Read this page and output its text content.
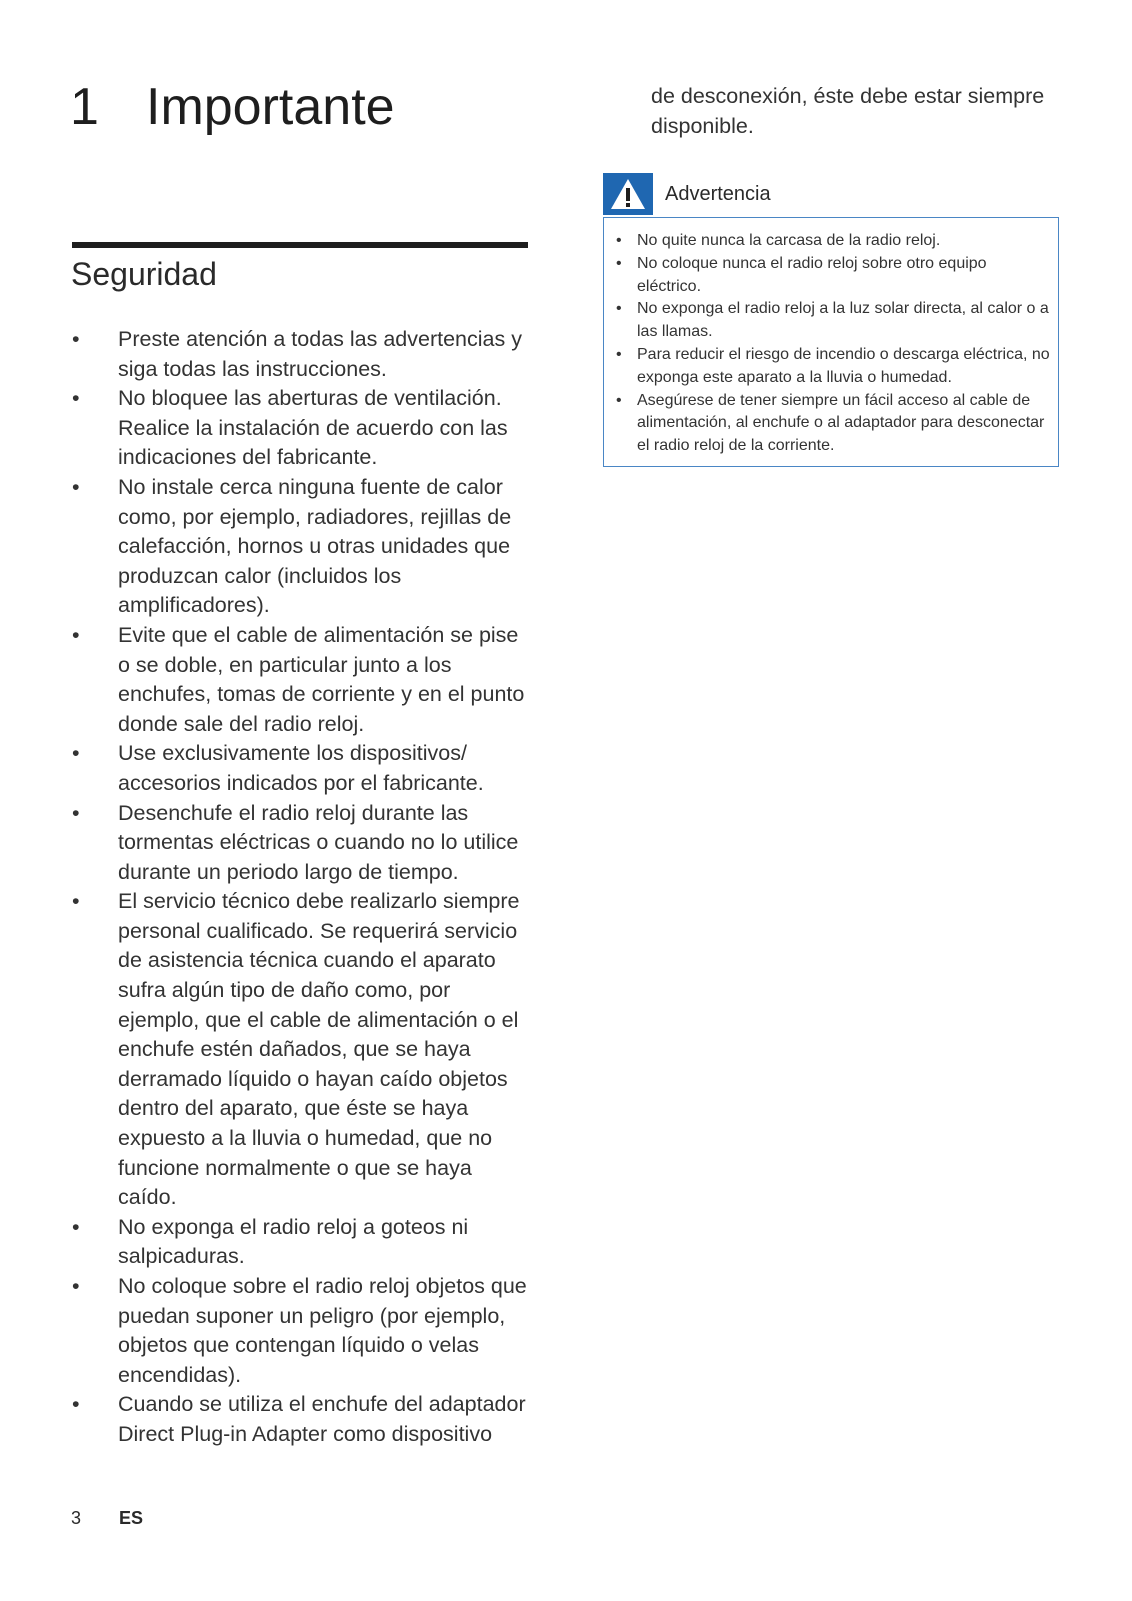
1 Importante
Seguridad
• Preste atención a todas las advertencias y siga todas las instrucciones.
• No bloquee las aberturas de ventilación. Realice la instalación de acuerdo con las indicaciones del fabricante.
• No instale cerca ninguna fuente de calor como, por ejemplo, radiadores, rejillas de calefacción, hornos u otras unidades que produzcan calor (incluidos los amplificadores).
• Evite que el cable de alimentación se pise o se doble, en particular junto a los enchufes, tomas de corriente y en el punto donde sale del radio reloj.
• Use exclusivamente los dispositivos/ accesorios indicados por el fabricante.
• Desenchufe el radio reloj durante las tormentas eléctricas o cuando no lo utilice durante un periodo largo de tiempo.
• El servicio técnico debe realizarlo siempre personal cualificado. Se requerirá servicio de asistencia técnica cuando el aparato sufra algún tipo de daño como, por ejemplo, que el cable de alimentación o el enchufe estén dañados, que se haya derramado líquido o hayan caído objetos dentro del aparato, que éste se haya expuesto a la lluvia o humedad, que no funcione normalmente o que se haya caído.
• No exponga el radio reloj a goteos ni salpicaduras.
• No coloque sobre el radio reloj objetos que puedan suponer un peligro (por ejemplo, objetos que contengan líquido o velas encendidas).
• Cuando se utiliza el enchufe del adaptador Direct Plug-in Adapter como dispositivo

de desconexión, éste debe estar siempre disponible.

Advertencia
• No quite nunca la carcasa de la radio reloj.
• No coloque nunca el radio reloj sobre otro equipo eléctrico.
• No exponga el radio reloj a la luz solar directa, al calor o a las llamas.
• Para reducir el riesgo de incendio o descarga eléctrica, no exponga este aparato a la lluvia o humedad.
• Asegúrese de tener siempre un fácil acceso al cable de alimentación, al enchufe o al adaptador para desconectar el radio reloj de la corriente.
3 ES
